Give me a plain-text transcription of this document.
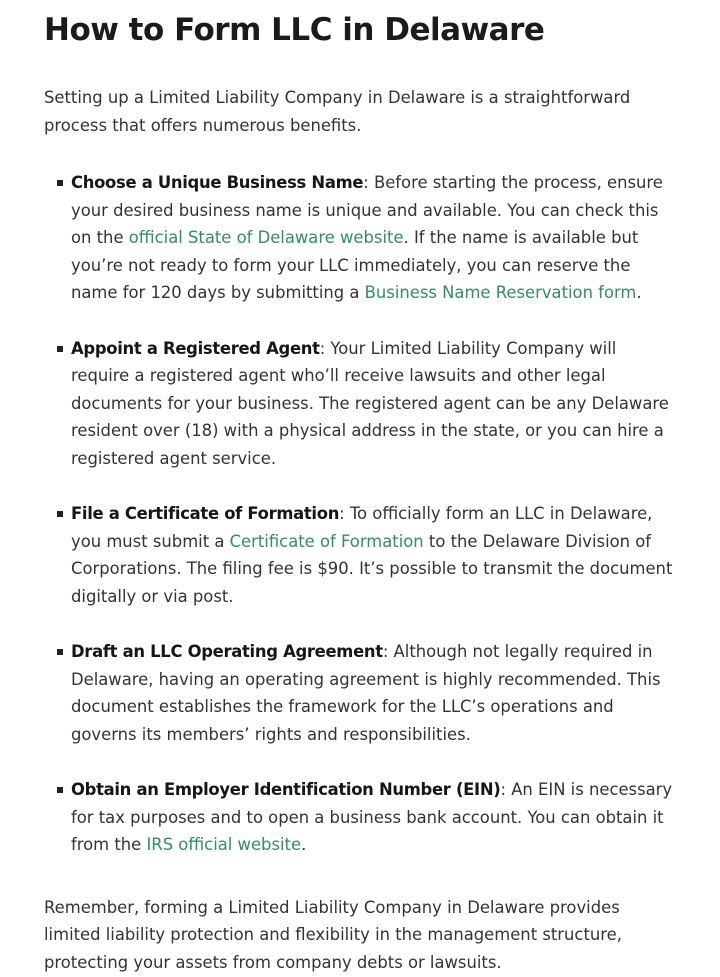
How to Form LLC in Delaware

Setting up a Limited Liability Company in Delaware is a straightforward process that offers numerous benefits.

Choose a Unique Business Name: Before starting the process, ensure your desired business name is unique and available. You can check this on the official State of Delaware website. If the name is available but you’re not ready to form your LLC immediately, you can reserve the name for 120 days by submitting a Business Name Reservation form.
Appoint a Registered Agent: Your Limited Liability Company will require a registered agent who’ll receive lawsuits and other legal documents for your business. The registered agent can be any Delaware resident over (18) with a physical address in the state, or you can hire a registered agent service.
File a Certificate of Formation: To officially form an LLC in Delaware, you must submit a Certificate of Formation to the Delaware Division of Corporations. The filing fee is $90. It’s possible to transmit the document digitally or via post.
Draft an LLC Operating Agreement: Although not legally required in Delaware, having an operating agreement is highly recommended. This document establishes the framework for the LLC’s operations and governs its members’ rights and responsibilities.
Obtain an Employer Identification Number (EIN): An EIN is necessary for tax purposes and to open a business bank account. You can obtain it from the IRS official website.

Remember, forming a Limited Liability Company in Delaware provides limited liability protection and flexibility in the management structure, protecting your assets from company debts or lawsuits.
